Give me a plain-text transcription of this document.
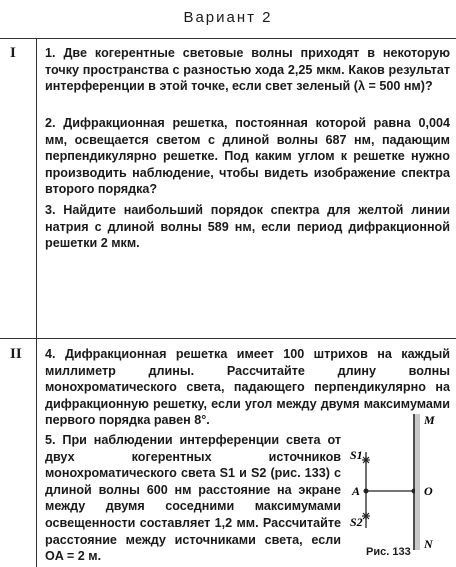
Вариант 2
I
II
1. Две когерентные световые волны приходят в некоторую точку пространства с разностью хода 2,25 мкм. Каков результат интерференции в этой точке, если свет зеленый (λ = 500 нм)?
2. Дифракционная решетка, постоянная которой равна 0,004 мм, освещается светом с длиной волны 687 нм, падающим перпендикулярно решетке. Под каким углом к решетке нужно производить наблюдение, чтобы видеть изображение спектра второго порядка?
3. Найдите наибольший порядок спектра для желтой линии натрия с длиной волны 589 нм, если период дифракционной решетки 2 мкм.
4. Дифракционная решетка имеет 100 штрихов на каждый миллиметр длины. Рассчитайте длину волны монохроматического света, падающего перпендикулярно на дифракционную решетку, если угол между двумя максимумами первого порядка равен 8°.
5. При наблюдении интерференции света от двух когерентных источников монохроматического света S1 и S2 (рис. 133) с длиной волны 600 нм расстояние на экране между двумя соседними максимумами освещенности составляет 1,2 мм. Рассчитайте расстояние между источниками света, если OA = 2 м.
S1
S2
A
M
O
N
Рис. 133
